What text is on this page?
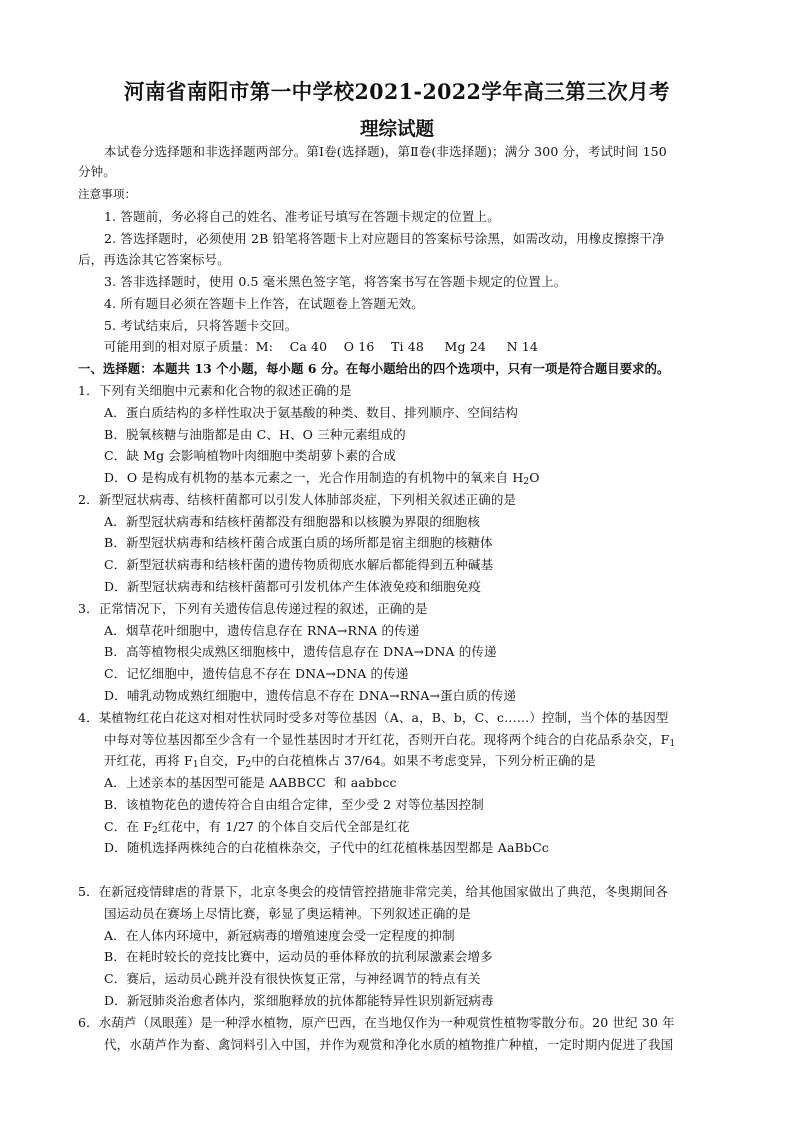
河南省南阳市第一中学校2021-2022学年高三第三次月考
理综试题
本试卷分选择题和非选择题两部分。第Ⅰ卷(选择题)，第Ⅱ卷(非选择题)；满分 300 分，考试时间 150
分钟。
注意事项：
1. 答题前，务必将自己的姓名、准考证号填写在答题卡规定的位置上。
2. 答选择题时，必须使用 2B 铅笔将答题卡上对应题目的答案标号涂黑，如需改动，用橡皮擦擦干净
后，再选涂其它答案标号。
3. 答非选择题时，使用 0.5 毫米黑色签字笔，将答案书写在答题卡规定的位置上。
4. 所有题目必须在答题卡上作答，在试题卷上答题无效。
5. 考试结束后，只将答题卡交回。
可能用到的相对原子质量：M:    Ca 40    O 16    Ti 48     Mg 24     N 14
一、选择题：本题共 13 个小题，每小题 6 分。在每小题给出的四个选项中，只有一项是符合题目要求的。
1．下列有关细胞中元素和化合物的叙述正确的是
A．蛋白质结构的多样性取决于氨基酸的种类、数目、排列顺序、空间结构
B．脱氧核糖与油脂都是由 C、H、O 三种元素组成的
C．缺 Mg 会影响植物叶肉细胞中类胡萝卜素的合成
D．O 是构成有机物的基本元素之一，光合作用制造的有机物中的氧来自 $H_2O$
2．新型冠状病毒、结核杆菌都可以引发人体肺部炎症，下列相关叙述正确的是
A．新型冠状病毒和结核杆菌都没有细胞器和以核膜为界限的细胞核
B．新型冠状病毒和结核杆菌合成蛋白质的场所都是宿主细胞的核糖体
C．新型冠状病毒和结核杆菌的遗传物质彻底水解后都能得到五种碱基
D．新型冠状病毒和结核杆菌都可引发机体产生体液免疫和细胞免疫
3．正常情况下，下列有关遗传信息传递过程的叙述，正确的是
A．烟草花叶细胞中，遗传信息存在 RNA→RNA 的传递
B．高等植物根尖成熟区细胞核中，遗传信息存在 DNA→DNA 的传递
C．记忆细胞中，遗传信息不存在 DNA→DNA 的传递
D．哺乳动物成熟红细胞中，遗传信息不存在 DNA→RNA→蛋白质的传递
4．某植物红花白花这对相对性状同时受多对等位基因（A、a，B、b，C、c……）控制，当个体的基因型
中每对等位基因都至少含有一个显性基因时才开红花，否则开白花。现将两个纯合的白花品系杂交，$F_1$
开红花，再将 $F_1$自交，$F_2$中的白花植株占 37/64。如果不考虑变异，下列分析正确的是
A．上述亲本的基因型可能是 AABBCC  和 aabbcc
B．该植物花色的遗传符合自由组合定律，至少受 2 对等位基因控制
C．在 $F_2$红花中，有 1/27 的个体自交后代全部是红花
D．随机选择两株纯合的白花植株杂交，子代中的红花植株基因型都是 AaBbCc
5．在新冠疫情肆虐的背景下，北京冬奥会的疫情管控措施非常完美，给其他国家做出了典范，冬奥期间各
国运动员在赛场上尽情比赛，彰显了奥运精神。下列叙述正确的是
A．在人体内环境中，新冠病毒的增殖速度会受一定程度的抑制
B．在耗时较长的竞技比赛中，运动员的垂体释放的抗利尿激素会增多
C．赛后，运动员心跳并没有很快恢复正常，与神经调节的特点有关
D．新冠肺炎治愈者体内，浆细胞释放的抗体都能特异性识别新冠病毒
6．水葫芦（凤眼莲）是一种浮水植物，原产巴西，在当地仅作为一种观赏性植物零散分布。20 世纪 30 年
代，水葫芦作为畜、禽饲料引入中国，并作为观赏和净化水质的植物推广种植，一定时期内促进了我国
